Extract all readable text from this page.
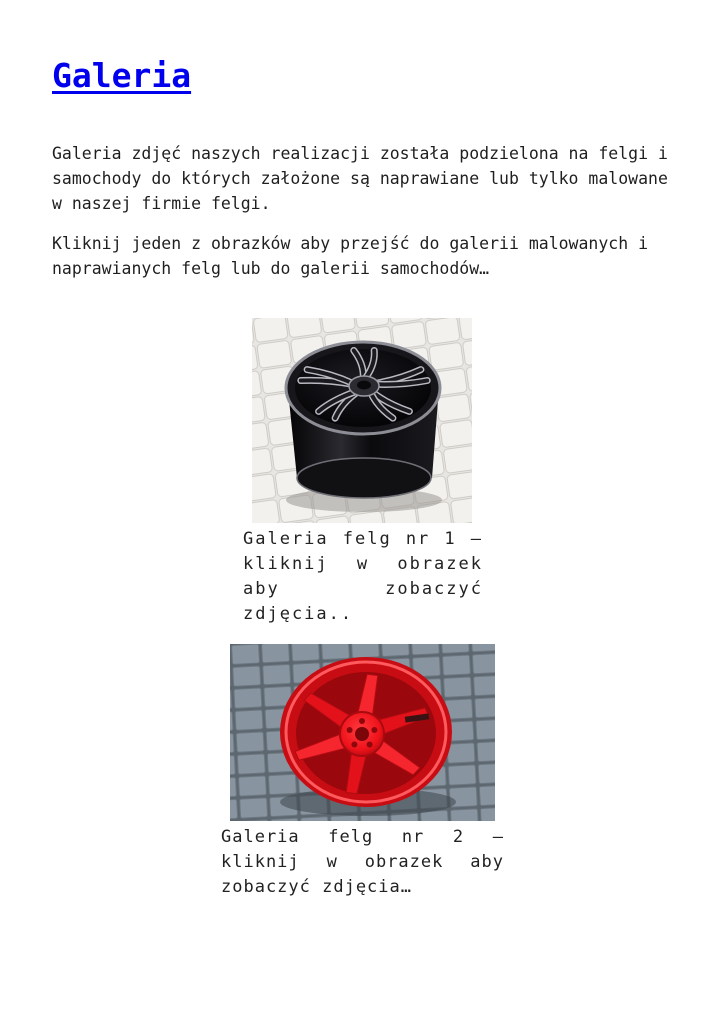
Galeria

Galeria zdjęć naszych realizacji została podzielona na felgi i samochody do których założone są naprawiane lub tylko malowane w naszej firmie felgi.

Kliknij jeden z obrazków aby przejść do galerii malowanych i naprawianych felg lub do galerii samochodów…

Galeria felg nr 1 – kliknij w obrazek aby zobaczyć zdjęcia..

Galeria felg nr 2 – kliknij w obrazek aby zobaczyć zdjęcia…
